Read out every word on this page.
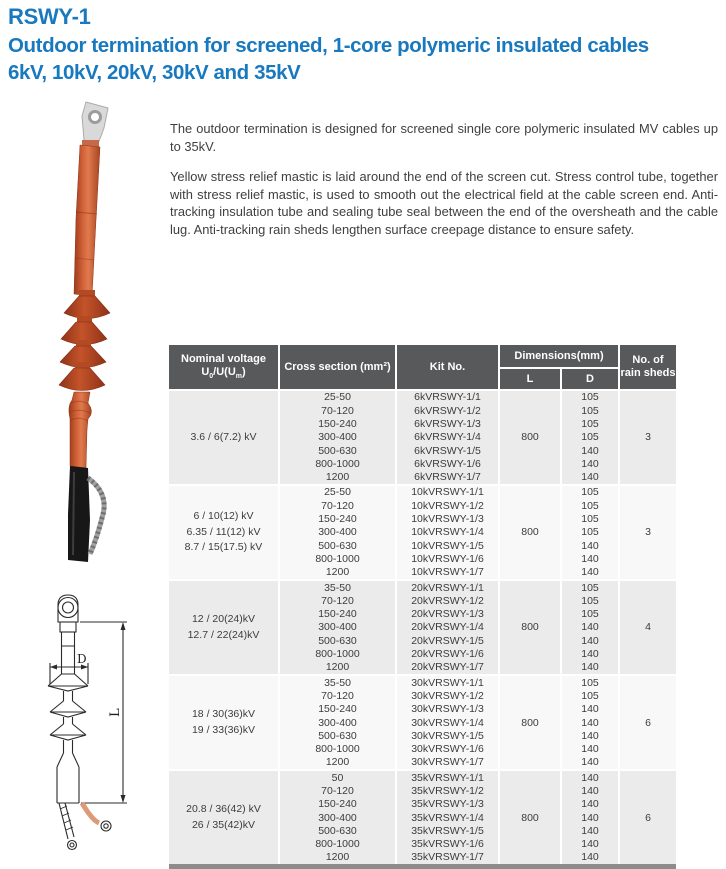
RSWY-1
Outdoor termination for screened, 1-core polymeric insulated cables
6kV, 10kV, 20kV, 30kV and 35kV

The outdoor termination is designed for screened single core polymeric insulated MV cables up to 35kV.

Yellow stress relief mastic is laid around the end of the screen cut. Stress control tube, together with stress relief mastic, is used to smooth out the electrical field at the cable screen end. Anti-tracking insulation tube and sealing tube seal between the end of the oversheath and the cable lug. Anti-tracking rain sheds lengthen surface creepage distance to ensure safety.

D
L
Nominal voltage
$U_0/U(U_m)$	Cross section (mm²)	Kit No.	Dimensions(mm)	No. of
rain sheds

			L	D	

3.6 / 6(7.2) kV	25-50	6kVRSWY-1/1	800	105	3
	70-120	6kVRSWY-1/2		105	
	150-240	6kVRSWY-1/3		105	
	300-400	6kVRSWY-1/4		105	
	500-630	6kVRSWY-1/5		140	
	800-1000	6kVRSWY-1/6		140	
	1200	6kVRSWY-1/7		140	

6 / 10(12) kV
6.35 / 11(12) kV
8.7 / 15(17.5) kV	25-50	10kVRSWY-1/1	800	105	3
	70-120	10kVRSWY-1/2		105	
	150-240	10kVRSWY-1/3		105	
	300-400	10kVRSWY-1/4		105	
	500-630	10kVRSWY-1/5		140	
	800-1000	10kVRSWY-1/6		140	
	1200	10kVRSWY-1/7		140	

12 / 20(24)kV
12.7 / 22(24)kV	35-50	20kVRSWY-1/1	800	105	4
	70-120	20kVRSWY-1/2		105	
	150-240	20kVRSWY-1/3		105	
	300-400	20kVRSWY-1/4		140	
	500-630	20kVRSWY-1/5		140	
	800-1000	20kVRSWY-1/6		140	
	1200	20kVRSWY-1/7		140	

18 / 30(36)kV
19 / 33(36)kV	35-50	30kVRSWY-1/1	800	105	6
	70-120	30kVRSWY-1/2		105	
	150-240	30kVRSWY-1/3		140	
	300-400	30kVRSWY-1/4		140	
	500-630	30kVRSWY-1/5		140	
	800-1000	30kVRSWY-1/6		140	
	1200	30kVRSWY-1/7		140	

20.8 / 36(42) kV
26 / 35(42)kV	50	35kVRSWY-1/1	800	140	6
	70-120	35kVRSWY-1/2		140	
	150-240	35kVRSWY-1/3		140	
	300-400	35kVRSWY-1/4		140	
	500-630	35kVRSWY-1/5		140	
	800-1000	35kVRSWY-1/6		140	
	1200	35kVRSWY-1/7		140	
